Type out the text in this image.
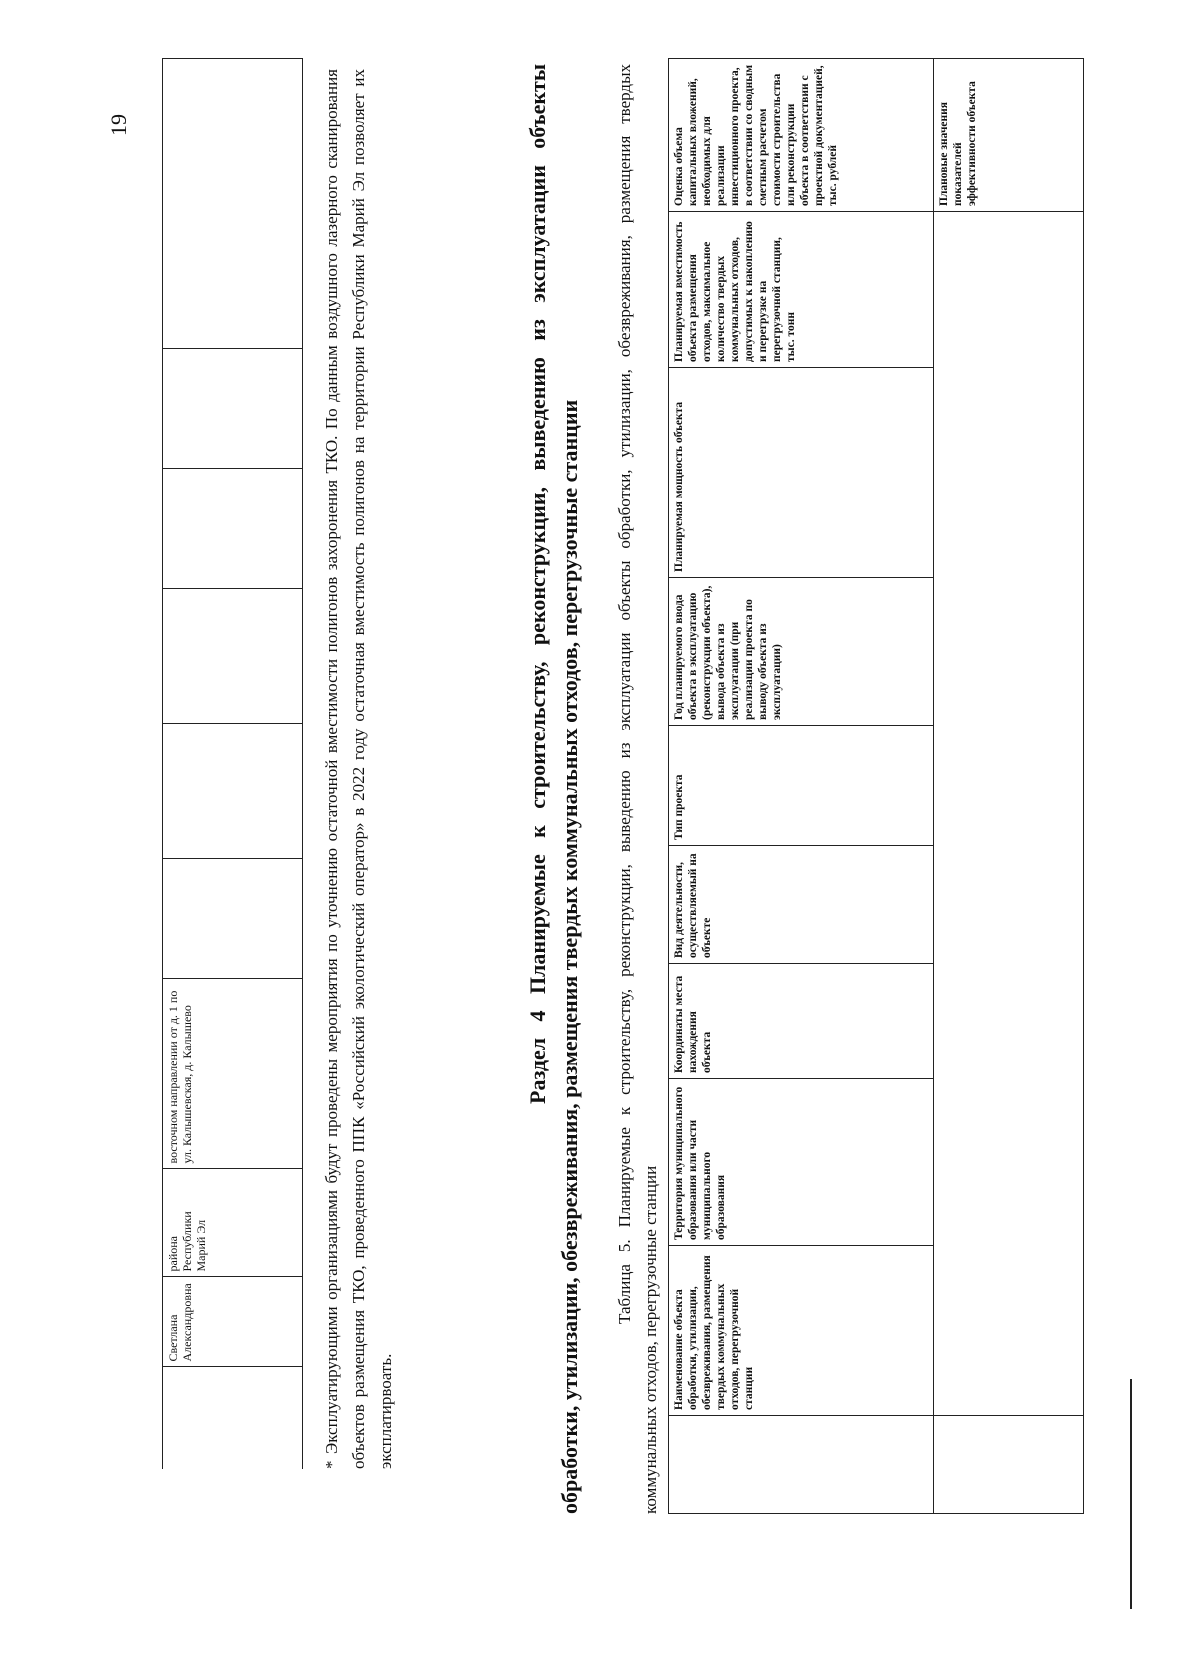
19
	Светлана Александровна	района Республики Марий Эл	восточном направлении от д. 1 по ул. Калышевская, д. Калышево							* Эксплуатирующими организациями будут проведены мероприятия по уточнению остаточной вместимости полигонов захоронения ТКО. По данным воздушного лазерного сканирования объектов размещения ТКО, проведенного ППК «Российский экологический оператор» в 2022 году остаточная вместимость полигонов на территории Республики Марий Эл позволяет их эксплатирвоать.
Раздел 4 Планируемые к строительству, реконструкции, выведению из эксплуатации объекты обработки, утилизации, обезвреживания, размещения твердых коммунальных отходов, перегрузочные станции Таблица 5. Планируемые к строительству, реконструкции, выведению из эксплуатации объекты обработки, утилизации, обезвреживания, размещения твердых коммунальных отходов, перегрузочные станции
		Наименование объекта обработки, утилизации, обезвреживания, размещения твердых коммунальных отходов, перегрузочной станции	Территория муниципального образования или части муниципального образования	Координаты места нахождения объекта	Вид деятельности, осуществляемый на объекте	Тип проекта	Год планируемого ввода объекта в эксплуатацию (реконструкции объекта), вывода объекта из эксплуатации (при реализации проекта по выводу объекта из эксплуатации)	Планируемая мощность объекта	Планируемая вместимость объекта размещения отходов, максимальное количество твердых коммунальных отходов, допустимых к накоплению и перегрузке на перегрузочной станции, тыс. тонн	Оценка объема капитальных вложений, необходимых для реализации инвестиционного проекта, в соответствии со сводным сметным расчетом стоимости строительства или реконструкции объекта в соответствии с проектной документацией, тыс. рублей
									Плановые значения показателей эффективности объекта
